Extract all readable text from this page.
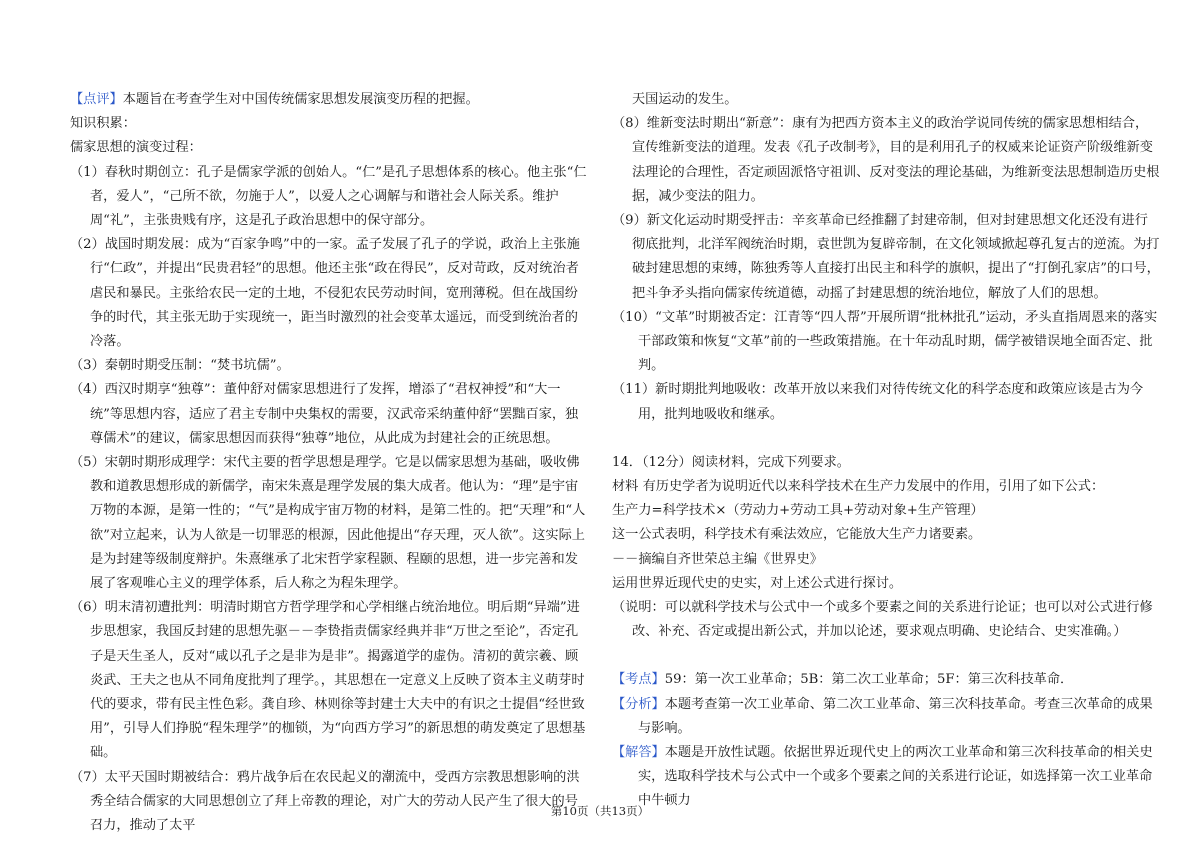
【点评】本题旨在考查学生对中国传统儒家思想发展演变历程的把握。

知识积累：

儒家思想的演变过程：

（1）春秋时期创立：孔子是儒家学派的创始人。“仁”是孔子思想体系的核心。他主张“仁者，爱人”，“己所不欲，勿施于人”，以爱人之心调解与和谐社会人际关系。维护周“礼”，主张贵贱有序，这是孔子政治思想中的保守部分。

（2）战国时期发展：成为“百家争鸣”中的一家。孟子发展了孔子的学说，政治上主张施行“仁政”，并提出“民贵君轻”的思想。他还主张“政在得民”，反对苛政，反对统治者虐民和暴民。主张给农民一定的土地，不侵犯农民劳动时间，宽刑薄税。但在战国纷争的时代，其主张无助于实现统一，距当时激烈的社会变革太遥远，而受到统治者的冷落。

（3）秦朝时期受压制：“焚书坑儒”。

（4）西汉时期享“独尊”：董仲舒对儒家思想进行了发挥，增添了“君权神授”和“大一统”等思想内容，适应了君主专制中央集权的需要，汉武帝采纳董仲舒“罢黜百家，独尊儒术”的建议，儒家思想因而获得“独尊”地位，从此成为封建社会的正统思想。

（5）宋朝时期形成理学：宋代主要的哲学思想是理学。它是以儒家思想为基础，吸收佛教和道教思想形成的新儒学，南宋朱熹是理学发展的集大成者。他认为：“理”是宇宙万物的本源，是第一性的；“气”是构成宇宙万物的材料，是第二性的。把“天理”和“人欲”对立起来，认为人欲是一切罪恶的根源，因此他提出“存天理，灭人欲”。这实际上是为封建等级制度辩护。朱熹继承了北宋哲学家程颢、程颐的思想，进一步完善和发展了客观唯心主义的理学体系，后人称之为程朱理学。

（6）明末清初遭批判：明清时期官方哲学理学和心学相继占统治地位。明后期“异端”进步思想家，我国反封建的思想先驱－－李贽指责儒家经典并非“万世之至论”，否定孔子是天生圣人，反对“咸以孔子之是非为是非”。揭露道学的虚伪。清初的黄宗羲、顾炎武、王夫之也从不同角度批判了理学。，其思想在一定意义上反映了资本主义萌芽时代的要求，带有民主性色彩。龚自珍、林则徐等封建士大夫中的有识之士提倡“经世致用”，引导人们挣脱“程朱理学”的枷锁，为“向西方学习”的新思想的萌发奠定了思想基础。

（7）太平天国时期被结合：鸦片战争后在农民起义的潮流中，受西方宗教思想影响的洪秀全结合儒家的大同思想创立了拜上帝教的理论，对广大的劳动人民产生了很大的号召力，推动了太平

天国运动的发生。

（8）维新变法时期出“新意”：康有为把西方资本主义的政治学说同传统的儒家思想相结合，宣传维新变法的道理。发表《孔子改制考》，目的是利用孔子的权威来论证资产阶级维新变法理论的合理性，否定顽固派恪守祖训、反对变法的理论基础，为维新变法思想制造历史根据，减少变法的阻力。

（9）新文化运动时期受抨击：辛亥革命已经推翻了封建帝制，但对封建思想文化还没有进行彻底批判，北洋军阀统治时期，袁世凯为复辟帝制，在文化领域掀起尊孔复古的逆流。为打破封建思想的束缚，陈独秀等人直接打出民主和科学的旗帜，提出了“打倒孔家店”的口号，把斗争矛头指向儒家传统道德，动摇了封建思想的统治地位，解放了人们的思想。

（10）“文革”时期被否定：江青等“四人帮”开展所谓“批林批孔”运动，矛头直指周恩来的落实干部政策和恢复“文革”前的一些政策措施。在十年动乱时期，儒学被错误地全面否定、批判。

（11）新时期批判地吸收：改革开放以来我们对待传统文化的科学态度和政策应该是古为今用，批判地吸收和继承。

14．（12分）阅读材料，完成下列要求。

材料 有历史学者为说明近代以来科学技术在生产力发展中的作用，引用了如下公式：

生产力=科学技术×（劳动力+劳动工具+劳动对象+生产管理）

这一公式表明，科学技术有乘法效应，它能放大生产力诸要素。

－－摘编自齐世荣总主编《世界史》

运用世界近现代史的史实，对上述公式进行探讨。

（说明：可以就科学技术与公式中一个或多个要素之间的关系进行论证；也可以对公式进行修改、补充、否定或提出新公式，并加以论述，要求观点明确、史论结合、史实准确。）

【考点】59：第一次工业革命；5B：第二次工业革命；5F：第三次科技革命．

【分析】本题考查第一次工业革命、第二次工业革命、第三次科技革命。考查三次革命的成果与影响。

【解答】本题是开放性试题。依据世界近现代史上的两次工业革命和第三次科技革命的相关史实，选取科学技术与公式中一个或多个要素之间的关系进行论证，如选择第一次工业革命中牛顿力

第10页（共13页）
